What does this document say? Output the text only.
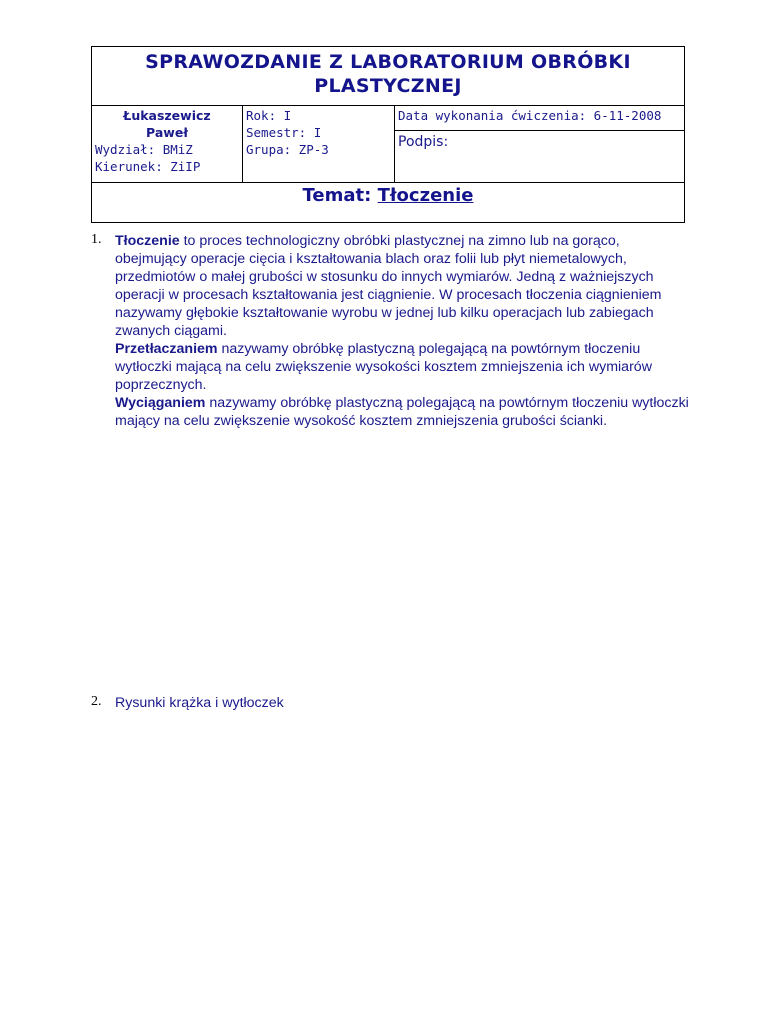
SPRAWOZDANIE Z LABORATORIUM OBRÓBKI PLASTYCZNEJ

Łukaszewicz
Paweł
Wydział: BMiZ
Kierunek: ZiIP

Rok: I
Semestr: I
Grupa: ZP-3

Data wykonania ćwiczenia: 6-11-2008

Podpis:
Temat: Tłoczenie
1. Tłoczenie to proces technologiczny obróbki plastycznej na zimno lub na gorąco, obejmujący operacje cięcia i kształtowania blach oraz folii lub płyt niemetalowych, przedmiotów o małej grubości w stosunku do innych wymiarów. Jedną z ważniejszych operacji w procesach kształtowania jest ciągnienie. W procesach tłoczenia ciągnieniem nazywamy głębokie kształtowanie wyrobu w jednej lub kilku operacjach lub zabiegach zwanych ciągami.

Przetłaczaniem nazywamy obróbkę plastyczną polegającą na powtórnym tłoczeniu wytłoczki mającą na celu zwiększenie wysokości kosztem zmniejszenia ich wymiarów poprzecznych.

Wyciąganiem nazywamy obróbkę plastyczną polegającą na powtórnym tłoczeniu wytłoczki mający na celu zwiększenie wysokość kosztem zmniejszenia grubości ścianki.

2. Rysunki krążka i wytłoczek
